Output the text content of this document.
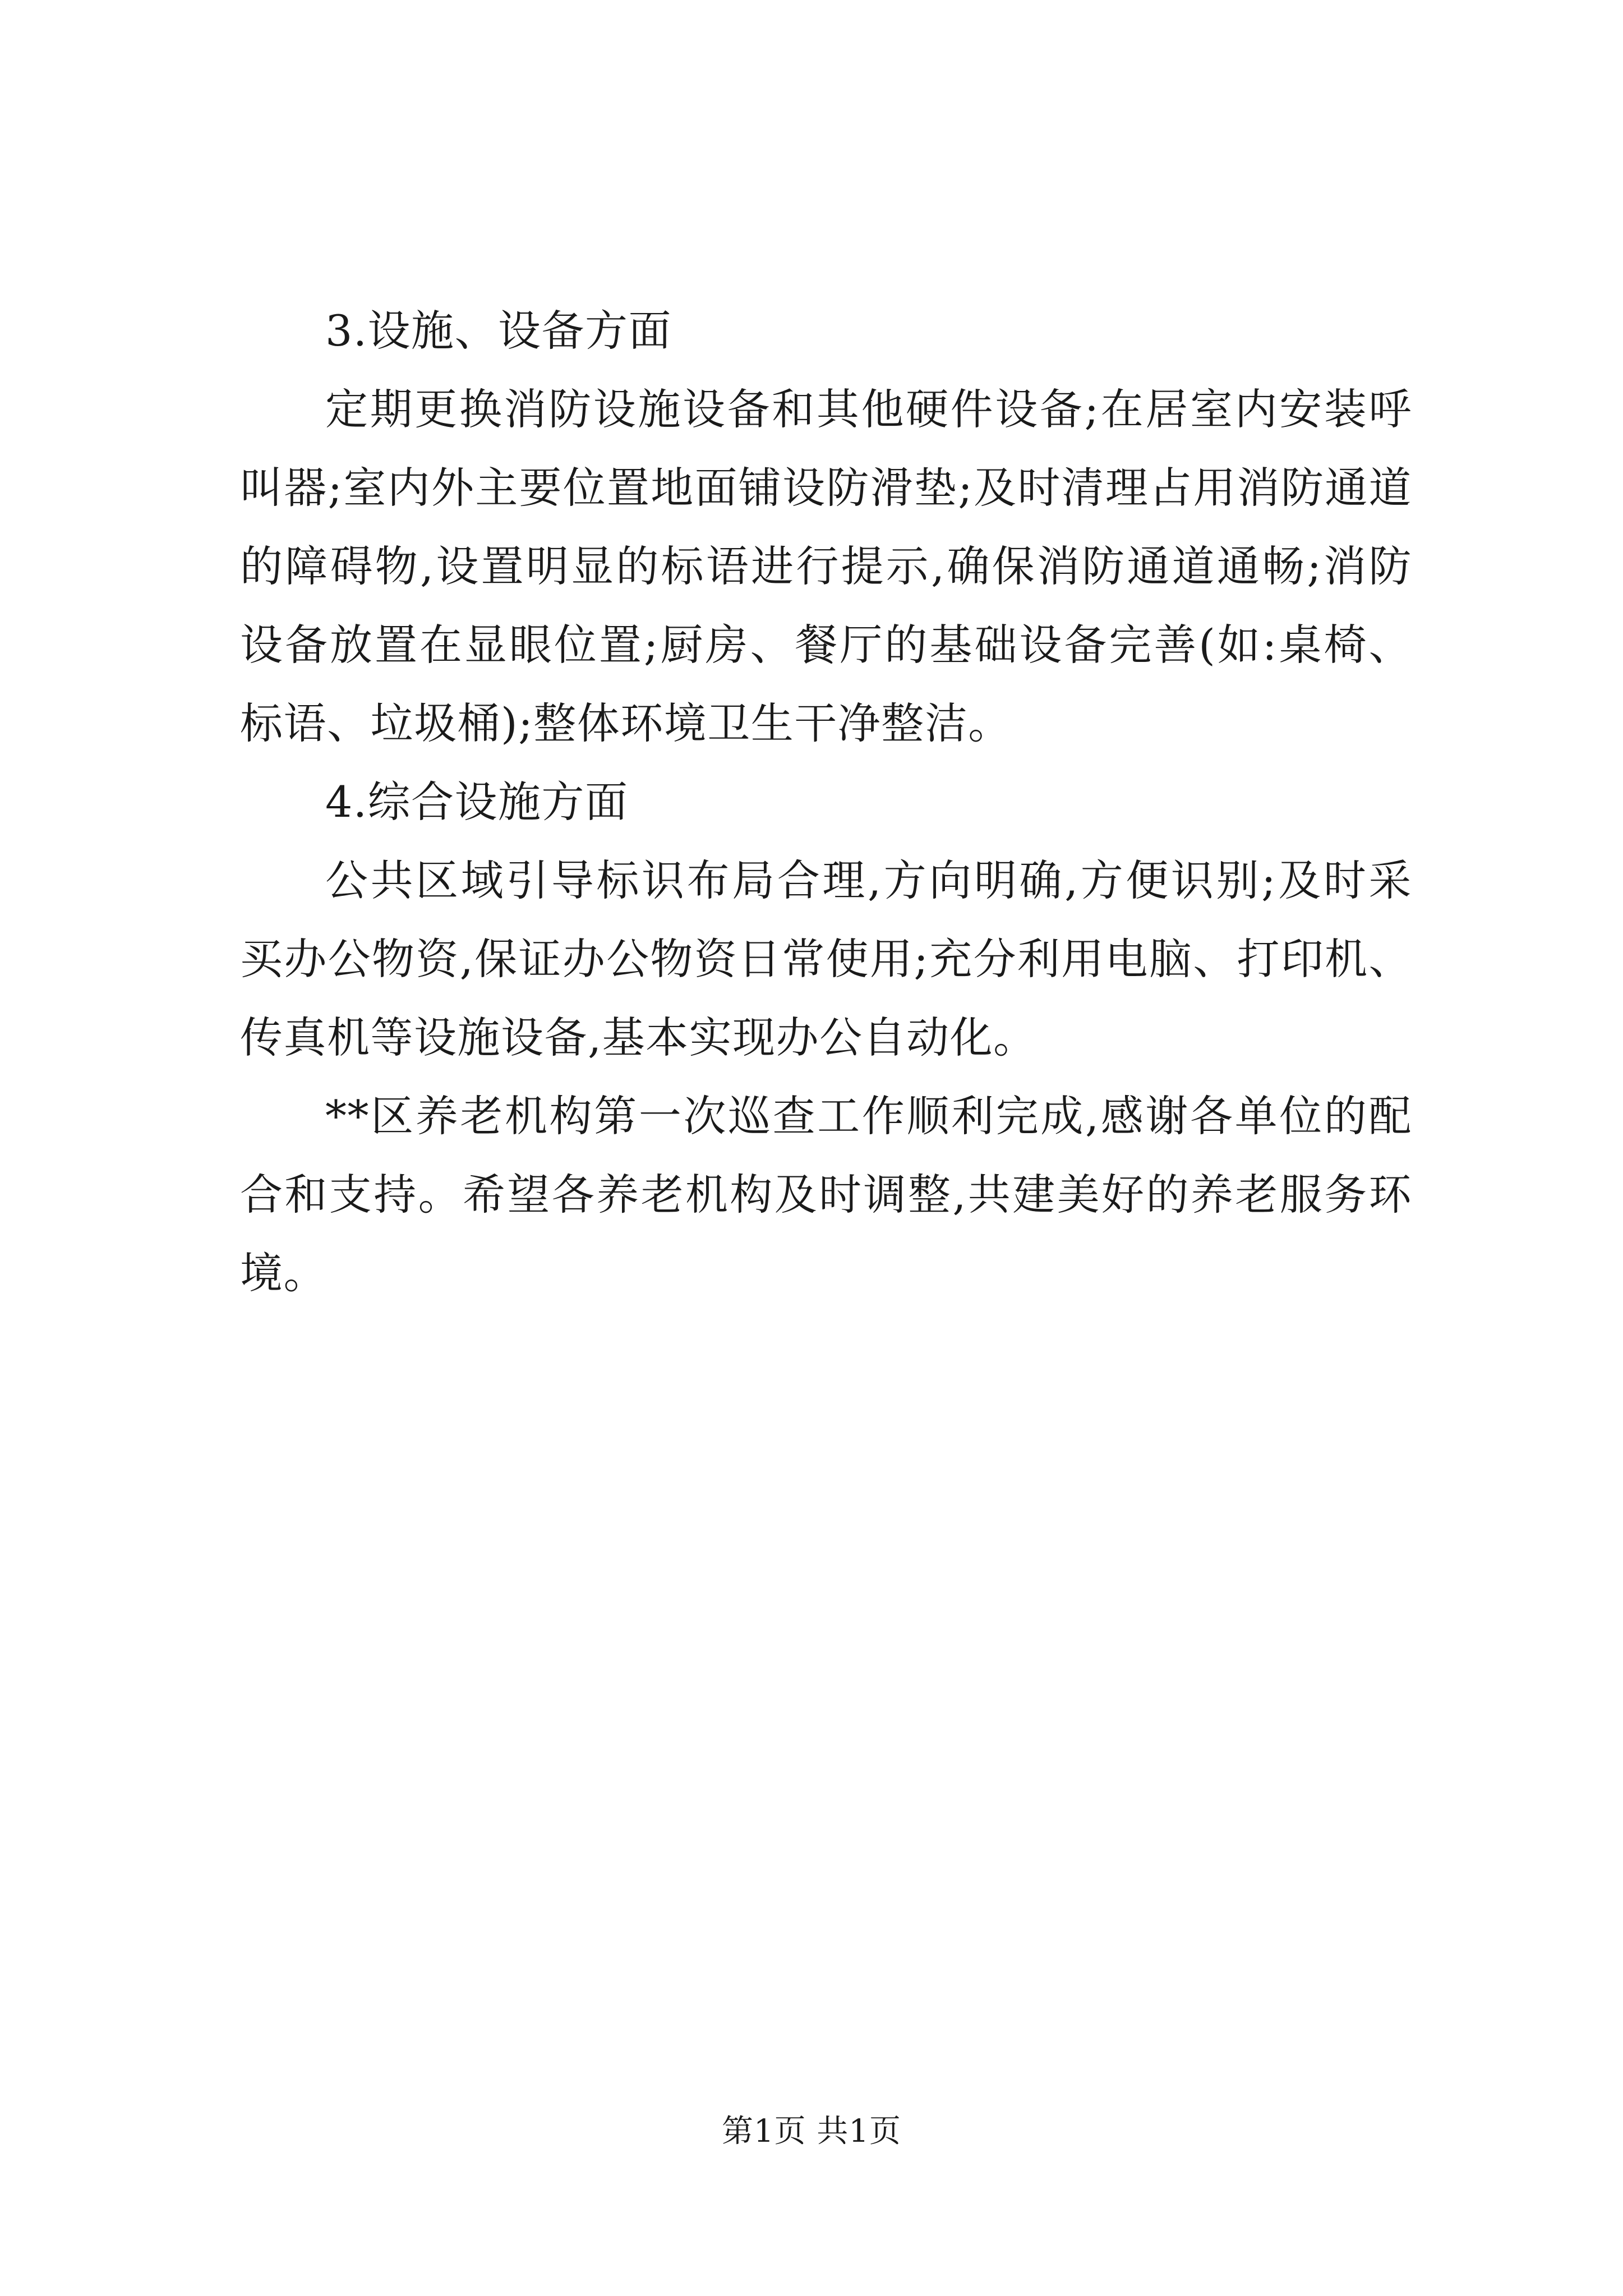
3.设施、设备方面

定期更换消防设施设备和其他硬件设备;在居室内安装呼叫器;室内外主要位置地面铺设防滑垫;及时清理占用消防通道的障碍物,设置明显的标语进行提示,确保消防通道通畅;消防设备放置在显眼位置;厨房、餐厅的基础设备完善(如:桌椅、标语、垃圾桶);整体环境卫生干净整洁。

4.综合设施方面

公共区域引导标识布局合理,方向明确,方便识别;及时采买办公物资,保证办公物资日常使用;充分利用电脑、打印机、传真机等设施设备,基本实现办公自动化。

**区养老机构第一次巡查工作顺利完成,感谢各单位的配合和支持。希望各养老机构及时调整,共建美好的养老服务环境。

第1页 共1页
